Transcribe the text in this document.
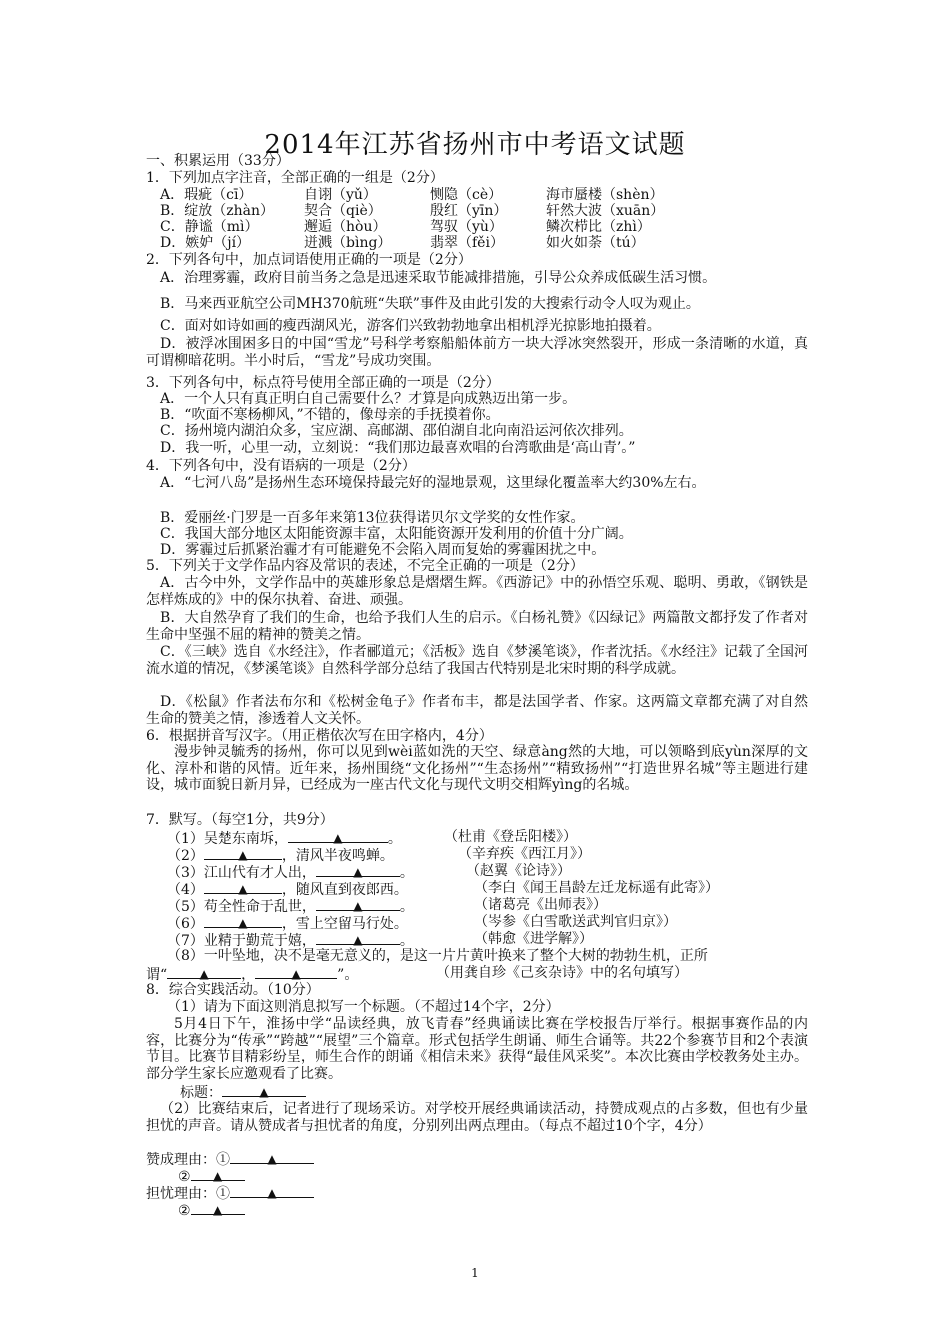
2014年江苏省扬州市中考语文试题
一、积累运用（33分）
1．下列加点字注音，全部正确的一组是（2分）
A．瑕疵（cī）	自诩（yǔ）	恻隐（cè）	海市蜃楼（shèn）
B．绽放（zhàn） 契合（qiè）	殷红（yīn）	轩然大波（xuān）
C．静谧（mì）	邂逅（hòu）	驾驭（yù）	鳞次栉比（zhì）
D．嫉妒（jí）	迸溅（bìng）	翡翠（fěi）	如火如荼（tú）
2．下列各句中，加点词语使用正确的一项是（2分）
A．治理雾霾，政府目前当务之急是迅速采取节能减排措施，引导公众养成低碳生活习惯。
B．马来西亚航空公司MH370航班“失联”事件及由此引发的大搜索行动令人叹为观止。
C．面对如诗如画的瘦西湖风光，游客们兴致勃勃地拿出相机浮光掠影地拍摄着。
D．被浮冰围困多日的中国“雪龙”号科学考察船船体前方一块大浮冰突然裂开，形成一条清晰的水道，真可谓柳暗花明。半小时后，“雪龙”号成功突围。
3．下列各句中，标点符号使用全部正确的一项是（2分）
A．一个人只有真正明白自己需要什么？才算是向成熟迈出第一步。
B．“吹面不寒杨柳风，”不错的，像母亲的手抚摸着你。
C．扬州境内湖泊众多，宝应湖、高邮湖、邵伯湖自北向南沿运河依次排列。
D．我一听，心里一动，立刻说：“我们那边最喜欢唱的台湾歌曲是‘高山青’。”
4．下列各句中，没有语病的一项是（2分）
A．“七河八岛”是扬州生态环境保持最完好的湿地景观，这里绿化覆盖率大约30%左右。
B．爱丽丝·门罗是一百多年来第13位获得诺贝尔文学奖的女性作家。
C．我国大部分地区太阳能资源丰富，太阳能资源开发利用的价值十分广阔。
D．雾霾过后抓紧治霾才有可能避免不会陷入周而复始的雾霾困扰之中。
5．下列关于文学作品内容及常识的表述，不完全正确的一项是（2分）
A．古今中外，文学作品中的英雄形象总是熠熠生辉。《西游记》中的孙悟空乐观、聪明、勇敢，《钢铁是怎样炼成的》中的保尔执着、奋进、顽强。
B．大自然孕育了我们的生命，也给予我们人生的启示。《白杨礼赞》《囚绿记》两篇散文都抒发了作者对生命中坚强不屈的精神的赞美之情。
C．《三峡》选自《水经注》，作者郦道元；《活板》选自《梦溪笔谈》，作者沈括。《水经注》记载了全国河流水道的情况，《梦溪笔谈》自然科学部分总结了我国古代特别是北宋时期的科学成就。
D．《松鼠》作者法布尔和《松树金龟子》作者布丰，都是法国学者、作家。这两篇文章都充满了对自然生命的赞美之情，渗透着人文关怀。
6．根据拼音写汉字。（用正楷依次写在田字格内，4分）
漫步钟灵毓秀的扬州，你可以见到wèi蓝如洗的天空、绿意àng然的大地，可以领略到底yùn深厚的文化、淳朴和谐的风情。近年来，扬州围绕“文化扬州”“生态扬州”“精致扬州”“打造世界名城”等主题进行建设，城市面貌日新月异，已经成为一座古代文化与现代文明交相辉yìng的名城。
7．默写。（每空1分，共9分）
（1）吴楚东南坼， ▲	。	（杜甫《登岳阳楼》）
（2） ▲	，清风半夜鸣蝉。	（辛弃疾《西江月》）
（3）江山代有才人出， ▲	。	（赵翼《论诗》）
（4） ▲	，随风直到夜郎西。	（李白《闻王昌龄左迁龙标遥有此寄》）
（5）苟全性命于乱世， ▲	。	（诸葛亮《出师表》）
（6） ▲	，雪上空留马行处。	（岑参《白雪歌送武判官归京》）
（7）业精于勤荒于嬉， ▲	。	（韩愈《进学解》）
（8）一叶坠地，决不是毫无意义的，是这一片片黄叶换来了整个大树的勃勃生机，正所
谓“ ▲	， ▲	”。	（用龚自珍《己亥杂诗》中的名句填写）
8．综合实践活动。（10分）
（1）请为下面这则消息拟写一个标题。（不超过14个字，2分）
5月4日下午，淮扬中学“品读经典，放飞青春”经典诵读比赛在学校报告厅举行。根据事赛作品的内容，比赛分为“传承”“跨越”“展望”三个篇章。形式包括学生朗诵、师生合诵等。共22个参赛节目和2个表演节目。比赛节目精彩纷呈，师生合作的朗诵《相信未来》获得“最佳风采奖”。本次比赛由学校教务处主办。部分学生家长应邀观看了比赛。
标题：▲
（2）比赛结束后，记者进行了现场采访。对学校开展经典诵读活动，持赞成观点的占多数，但也有少量担忧的声音。请从赞成者与担忧者的角度，分别列出两点理由。（每点不超过10个字，4分）
赞成理由：①▲
②▲
担忧理由：①▲
②▲
1
